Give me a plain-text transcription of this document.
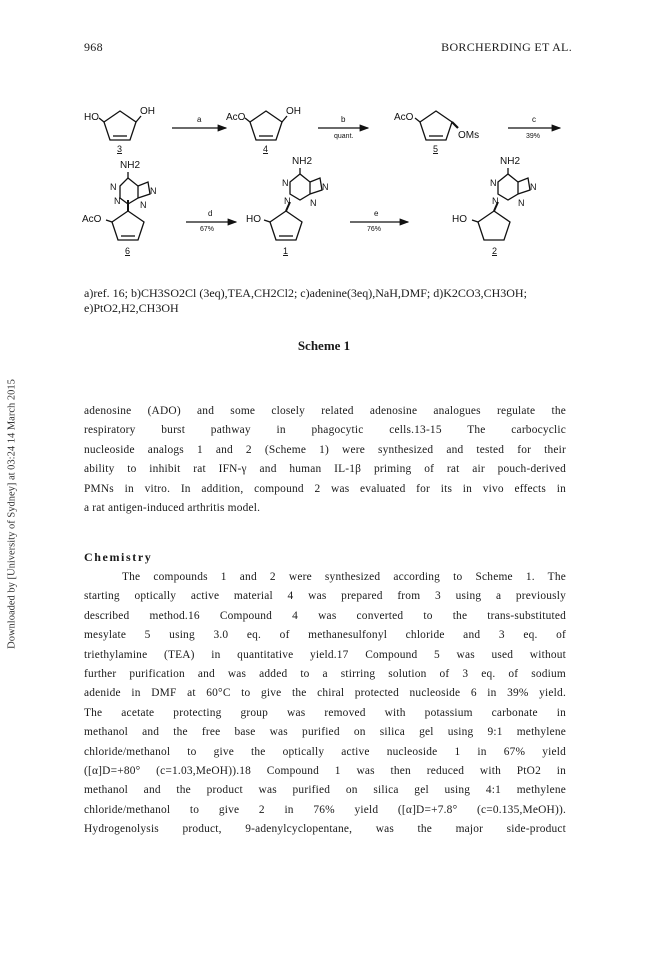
968	BORCHERDING ET AL.
Downloaded by [University of Sydney] at 03:24 14 March 2015
a	b
quant.
c
39%
d
67%
e
76%
HO
OH
AcO
OH
AcO
OMs
NH2
N	N
N N
AcO
NH2
N	N
N N
HO
NH2
N	N
N N
HO
3	4	5
6	1	2
a)ref. 16; b)CH3SO2Cl (3eq),TEA,CH2Cl2; c)adenine(3eq),NaH,DMF; d)K2CO3,CH3OH;
e)PtO2,H2,CH3OH
Scheme 1
adenosine (ADO) and some closely related adenosine analogues regulate the
respiratory burst pathway in phagocytic cells.13-15 The carbocyclic
nucleoside analogs 1 and 2 (Scheme 1) were synthesized and tested for their
ability to inhibit rat IFN-γ and human IL-1β priming of rat air pouch-derived
PMNs in vitro. In addition, compound 2 was evaluated for its in vivo effects in
a rat antigen-induced arthritis model.
Chemistry
The compounds 1 and 2 were synthesized according to Scheme 1. The
starting optically active material 4 was prepared from 3 using a previously
described method.16 Compound 4 was converted to the trans-substituted
mesylate 5 using 3.0 eq. of methanesulfonyl chloride and 3 eq. of
triethylamine (TEA) in quantitative yield.17 Compound 5 was used without
further purification and was added to a stirring solution of 3 eq. of sodium
adenide in DMF at 60°C to give the chiral protected nucleoside 6 in 39% yield.
The acetate protecting group was removed with potassium carbonate in
methanol and the free base was purified on silica gel using 9:1 methylene
chloride/methanol to give the optically active nucleoside 1 in 67% yield
([α]D=+80° (c=1.03,MeOH)).18 Compound 1 was then reduced with PtO2 in
methanol and the product was purified on silica gel using 4:1 methylene
chloride/methanol to give 2 in 76% yield ([α]D=+7.8° (c=0.135,MeOH)).
Hydrogenolysis product, 9-adenylcyclopentane, was the major side-product
